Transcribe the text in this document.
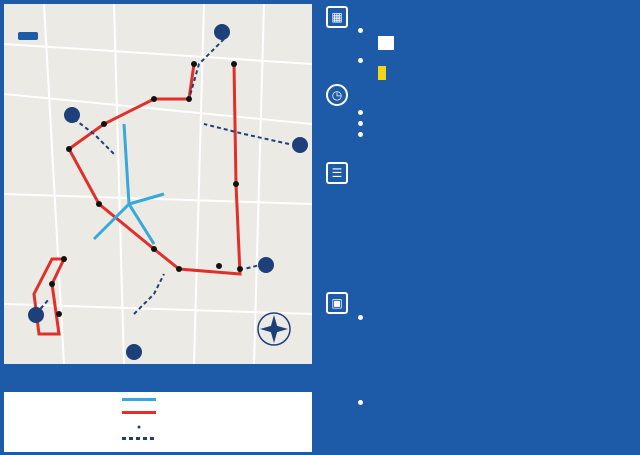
●
▦
◷

☰
▣
